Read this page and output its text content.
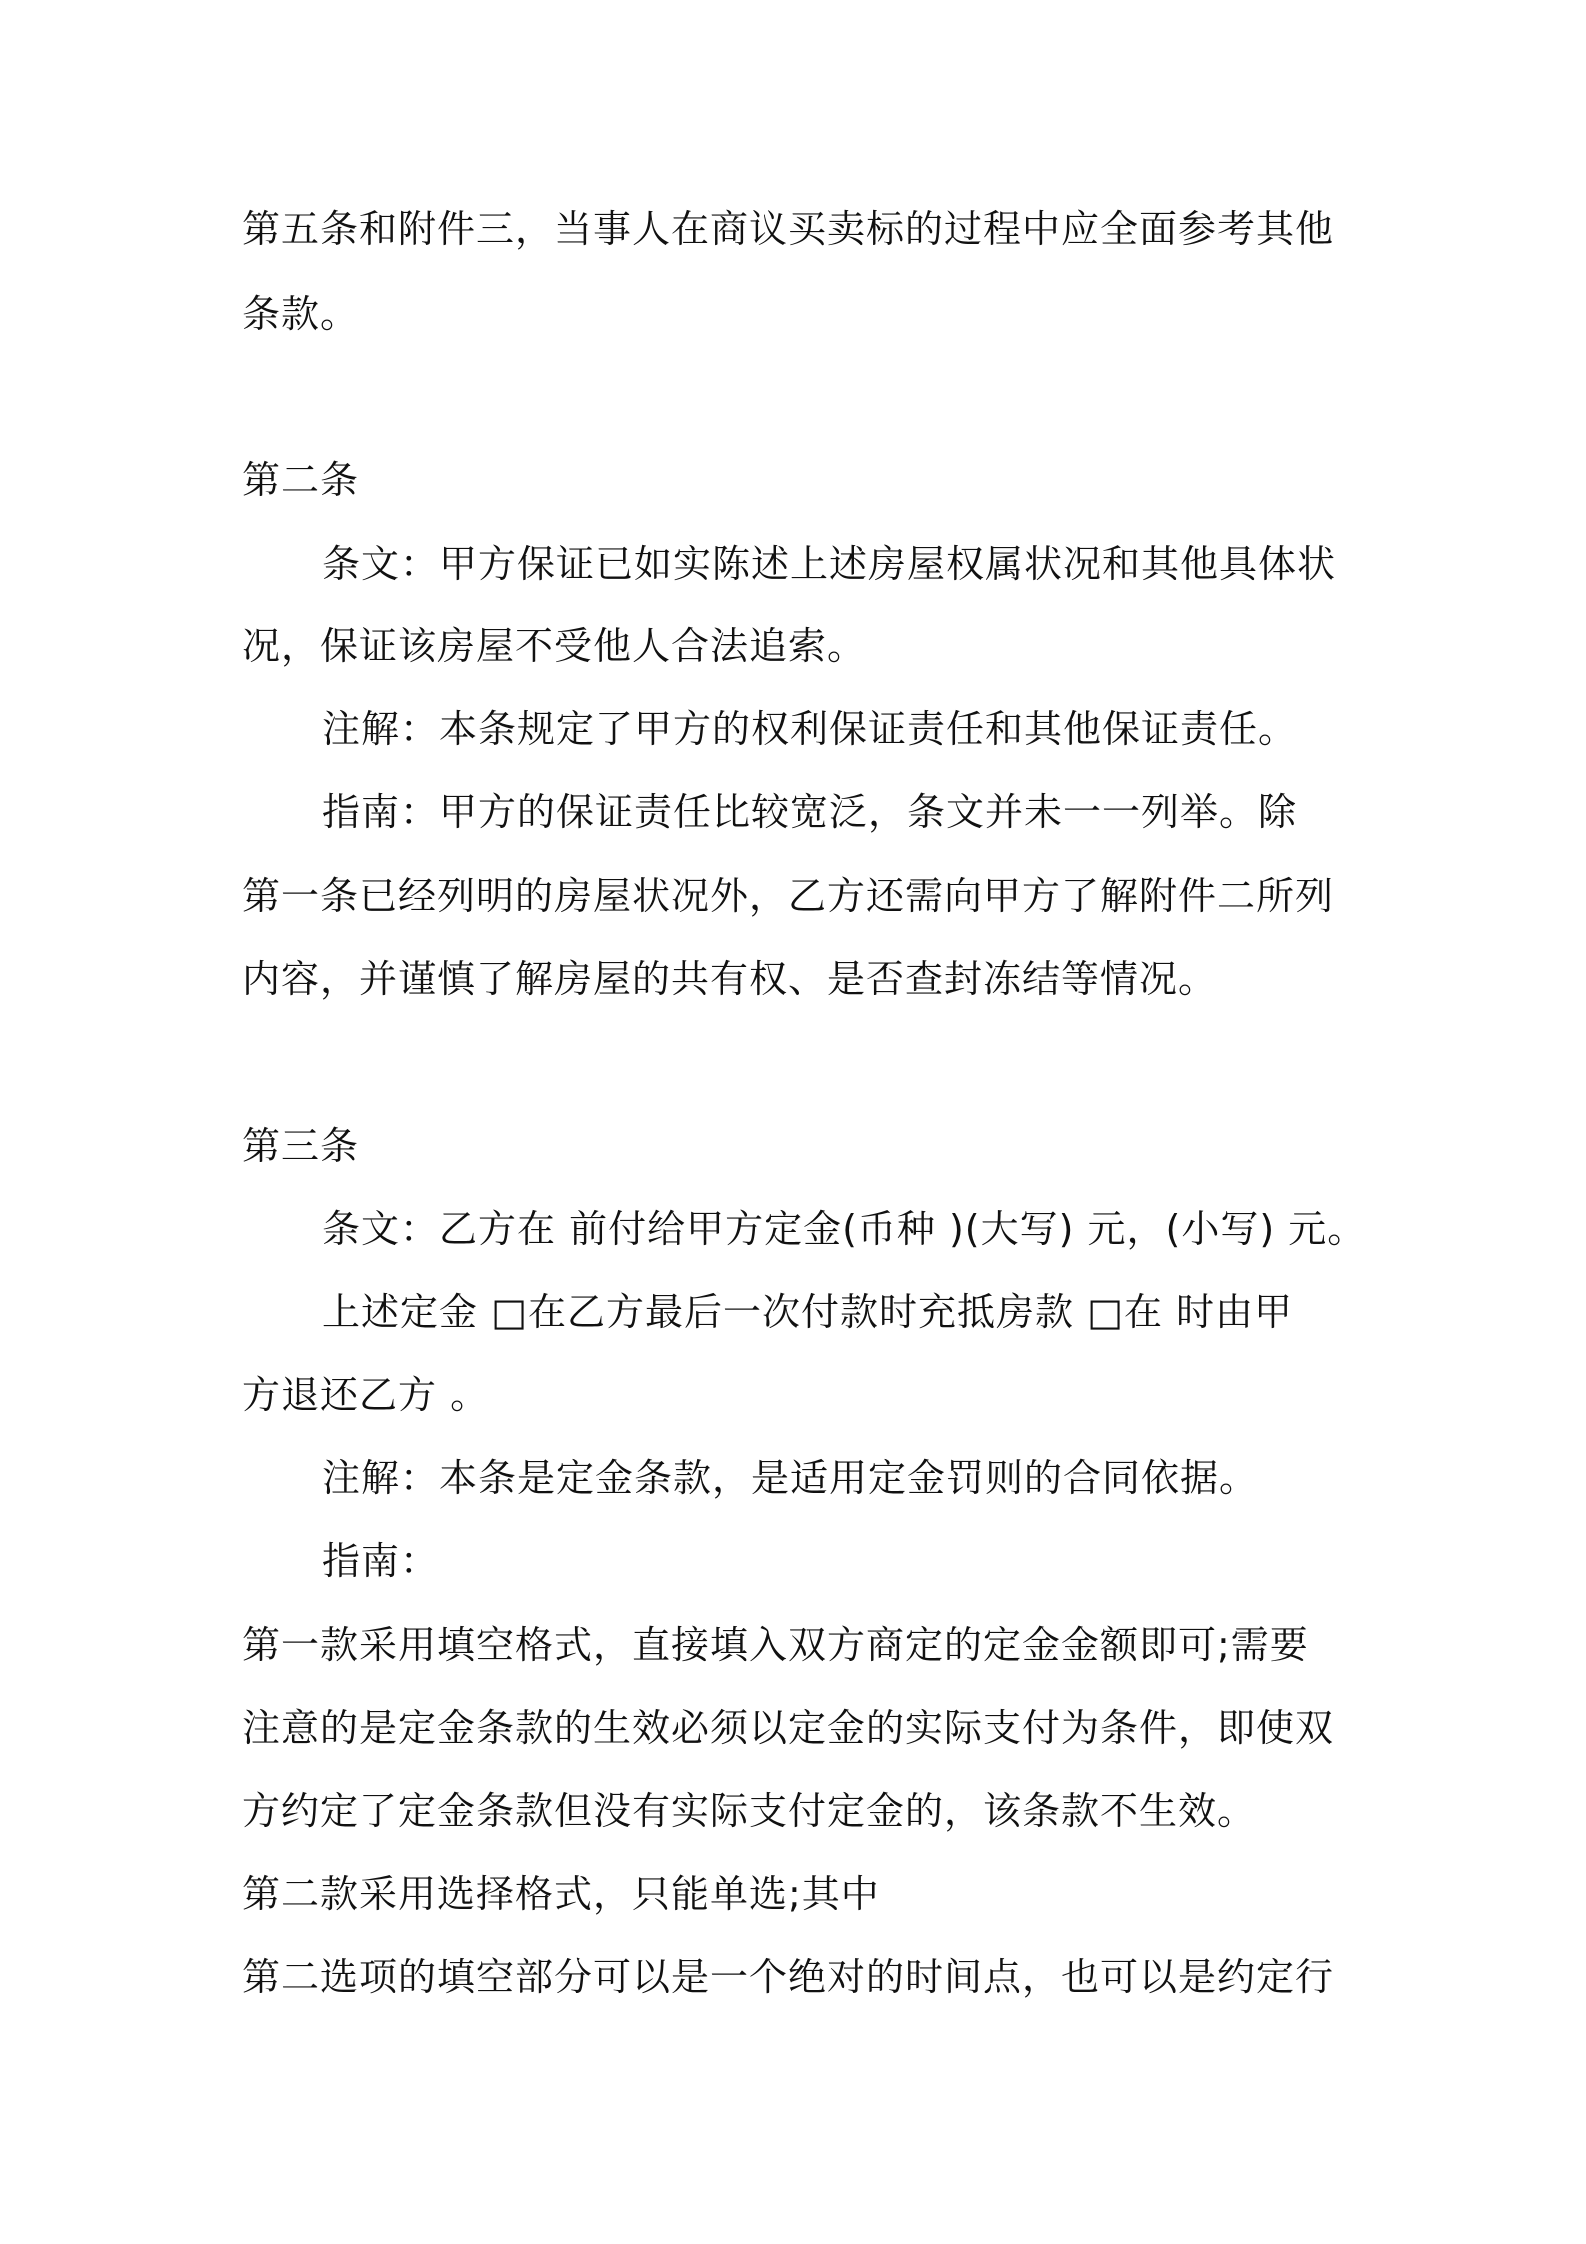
第五条和附件三，当事人在商议买卖标的过程中应全面参考其他
条款。
第二条
条文：甲方保证已如实陈述上述房屋权属状况和其他具体状
况，保证该房屋不受他人合法追索。
注解：本条规定了甲方的权利保证责任和其他保证责任。
指南：甲方的保证责任比较宽泛，条文并未一一列举。除
第一条已经列明的房屋状况外，乙方还需向甲方了解附件二所列
内容，并谨慎了解房屋的共有权、是否查封冻结等情况。
第三条
条文：乙方在 前付给甲方定金(币种 )(大写) 元，(小写) 元。
上述定金 □在乙方最后一次付款时充抵房款 □在 时由甲
方退还乙方 。
注解：本条是定金条款，是适用定金罚则的合同依据。
指南：
第一款采用填空格式，直接填入双方商定的定金金额即可;需要
注意的是定金条款的生效必须以定金的实际支付为条件，即使双
方约定了定金条款但没有实际支付定金的，该条款不生效。
第二款采用选择格式，只能单选;其中
第二选项的填空部分可以是一个绝对的时间点，也可以是约定行
